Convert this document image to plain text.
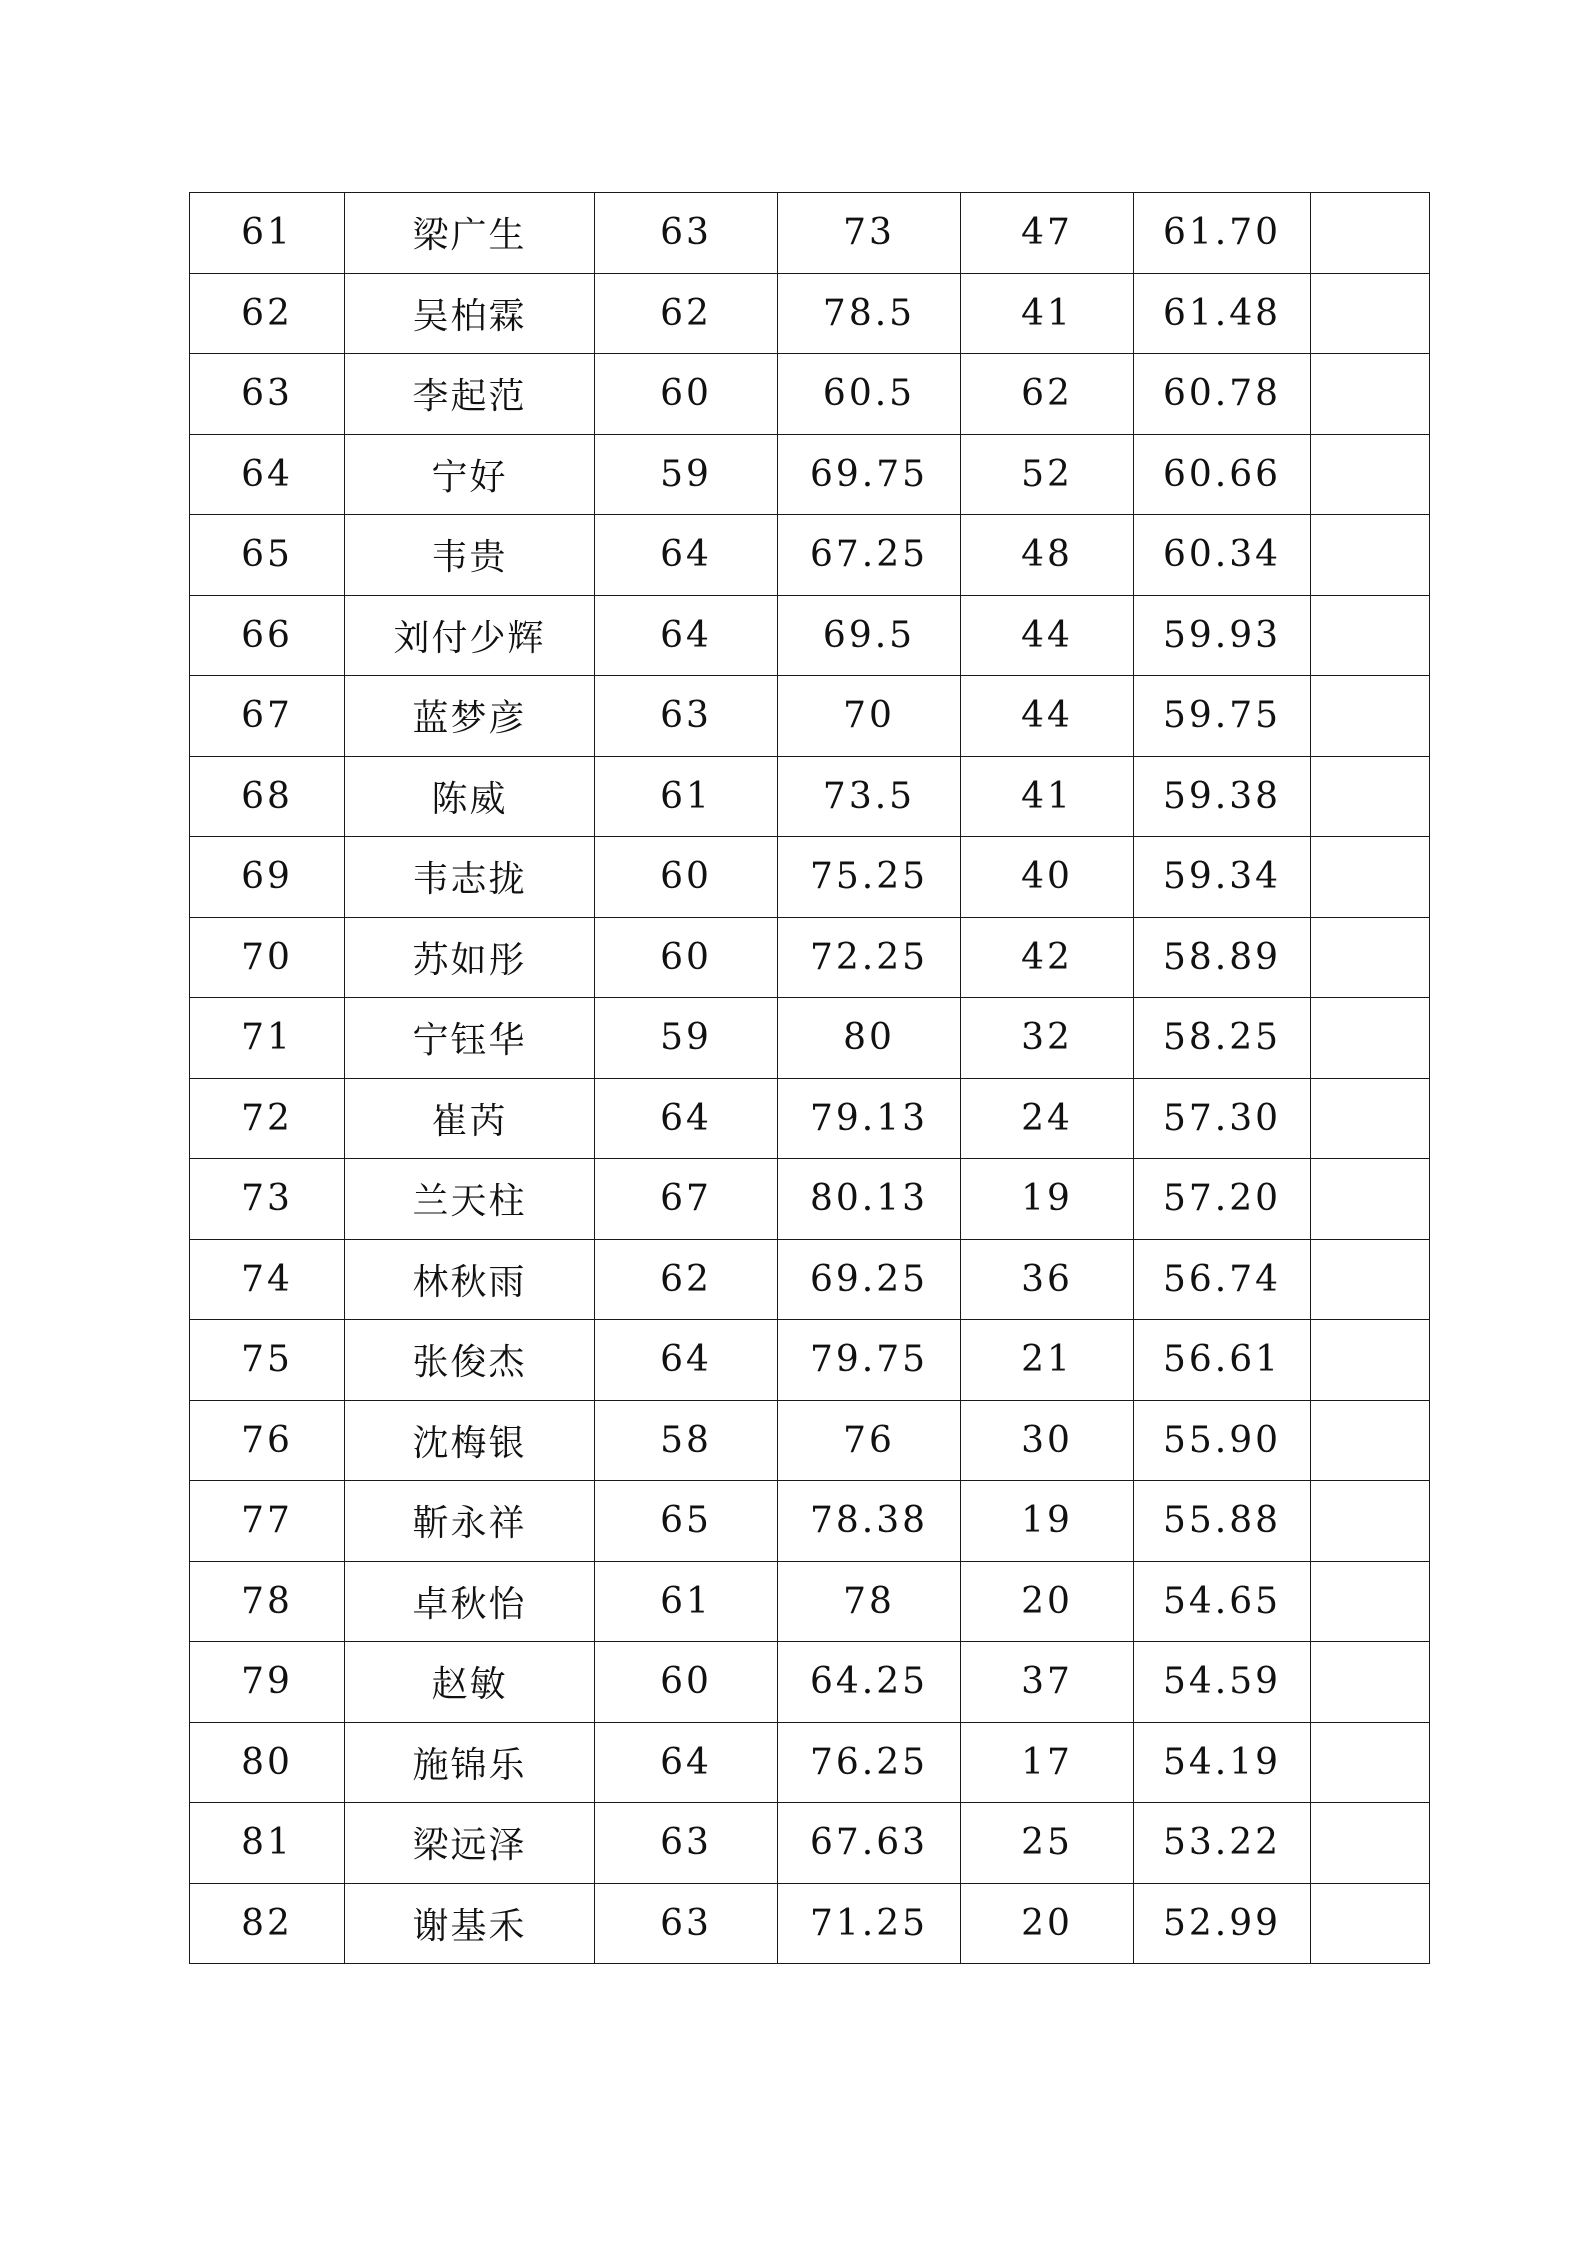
61	梁广生	63	73	47	61.70	
62	吴柏霖	62	78.5	41	61.48	
63	李起范	60	60.5	62	60.78	
64	宁好	59	69.75	52	60.66	
65	韦贵	64	67.25	48	60.34	
66	刘付少辉	64	69.5	44	59.93	
67	蓝梦彦	63	70	44	59.75	
68	陈威	61	73.5	41	59.38	
69	韦志拢	60	75.25	40	59.34	
70	苏如彤	60	72.25	42	58.89	
71	宁钰华	59	80	32	58.25	
72	崔芮	64	79.13	24	57.30	
73	兰天柱	67	80.13	19	57.20	
74	林秋雨	62	69.25	36	56.74	
75	张俊杰	64	79.75	21	56.61	
76	沈梅银	58	76	30	55.90	
77	靳永祥	65	78.38	19	55.88	
78	卓秋怡	61	78	20	54.65	
79	赵敏	60	64.25	37	54.59	
80	施锦乐	64	76.25	17	54.19	
81	梁远泽	63	67.63	25	53.22	
82	谢基禾	63	71.25	20	52.99	
